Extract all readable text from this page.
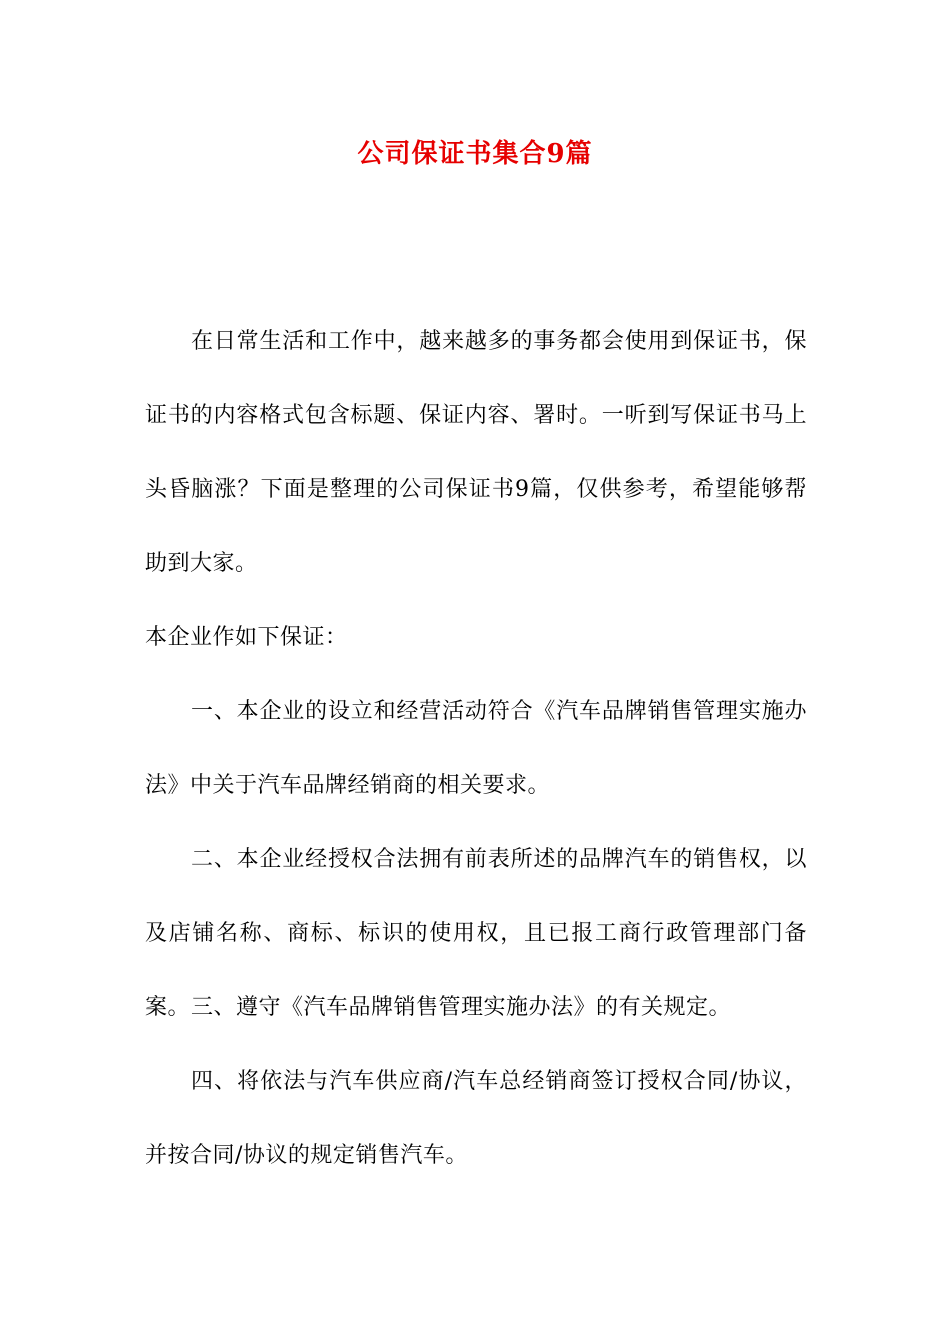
公司保证书集合9篇
在日常生活和工作中，越来越多的事务都会使用到保证书，保证书的内容格式包含标题、保证内容、署时。一听到写保证书马上头昏脑涨？下面是整理的公司保证书9篇，仅供参考，希望能够帮助到大家。
本企业作如下保证：
一、本企业的设立和经营活动符合《汽车品牌销售管理实施办法》中关于汽车品牌经销商的相关要求。
二、本企业经授权合法拥有前表所述的品牌汽车的销售权，以及店铺名称、商标、标识的使用权，且已报工商行政管理部门备案。 三、遵守《汽车品牌销售管理实施办法》的有关规定。
四、将依法与汽车供应商/汽车总经销商签订授权合同/协议，并按合同/协议的规定销售汽车。
